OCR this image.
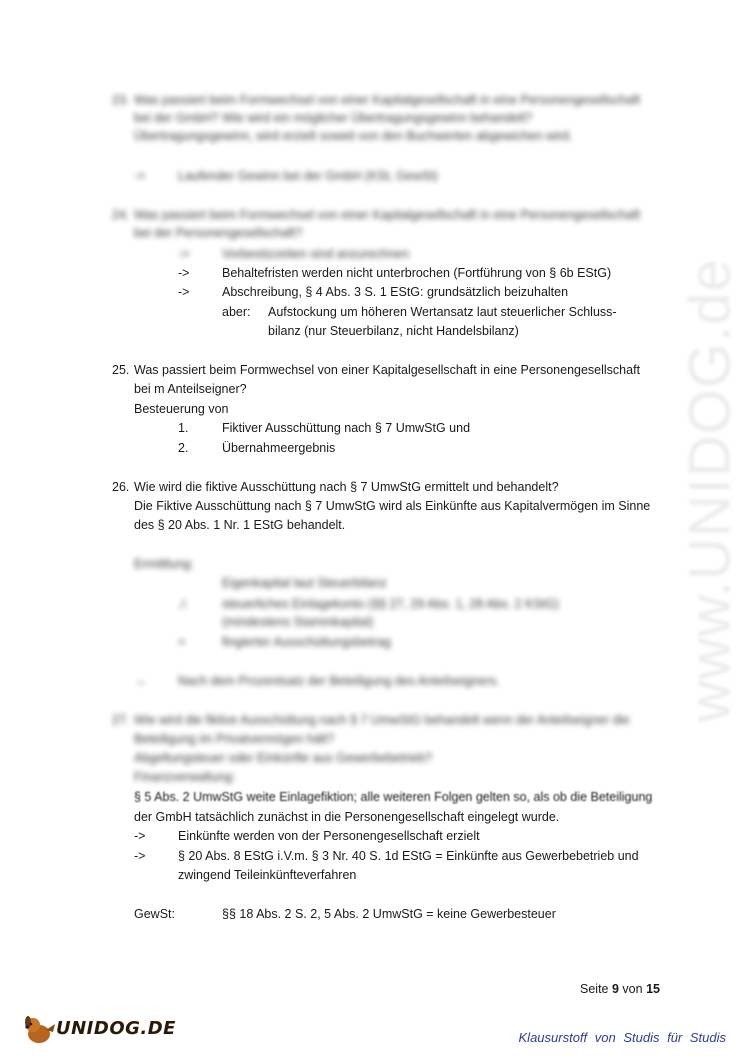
www.UNIDOG.de
23. Was passiert beim Formwechsel von einer Kapitalgesellschaft in eine Personengesellschaft
bei der GmbH? Wie wird ein möglicher Übertragungsgewinn behandelt?
Übertragungsgewinn, wird erzielt soweit von den Buchwerten abgewichen wird.
->	Laufender Gewinn bei der GmbH (KSt, GewSt)
24. Was passiert beim Formwechsel von einer Kapitalgesellschaft in eine Personengesellschaft
bei der Personengesellschaft?
->	Vorbesitzzeiten sind anzurechnen
->	Behaltefristen werden nicht unterbrochen (Fortführung von § 6b EStG)
->	Abschreibung, § 4 Abs. 3 S. 1 EStG: grundsätzlich beizuhalten
aber: Aufstockung um höheren Wertansatz laut steuerlicher Schluss-
bilanz (nur Steuerbilanz, nicht Handelsbilanz)
25. Was passiert beim Formwechsel von einer Kapitalgesellschaft in eine Personengesellschaft
bei m Anteilseigner?
Besteuerung von
1.	Fiktiver Ausschüttung nach § 7 UmwStG und
2.	Übernahmeergebnis
26. Wie wird die fiktive Ausschüttung nach § 7 UmwStG ermittelt und behandelt?
Die Fiktive Ausschüttung nach § 7 UmwStG wird als Einkünfte aus Kapitalvermögen im Sinne
des § 20 Abs. 1 Nr. 1 EStG behandelt.
Ermittlung:
Eigenkapital laut Steuerbilanz
./.	steuerliches Einlagekonto (§§ 27, 29 Abs. 1, 28 Abs. 2 KStG)
(mindestens Stammkapital)
=	fingierter Ausschüttungsbetrag
→	Nach dem Prozentsatz der Beteiligung des Anteilseigners.
27. Wie wird die fiktive Ausschüttung nach § 7 UmwStG behandelt wenn der Anteilseigner die
Beteiligung im Privatvermögen hält?
Abgeltungsteuer oder Einkünfte aus Gewerbebetrieb?
Finanzverwaltung:
§ 5 Abs. 2 UmwStG weite Einlagefiktion; alle weiteren Folgen gelten so, als ob die Beteiligung
der GmbH tatsächlich zunächst in die Personengesellschaft eingelegt wurde.
->	Einkünfte werden von der Personengesellschaft erzielt
->	§ 20 Abs. 8 EStG i.V.m. § 3 Nr. 40 S. 1d EStG = Einkünfte aus Gewerbebetrieb und
zwingend Teileinkünfteverfahren
GewSt:	§§ 18 Abs. 2 S. 2, 5 Abs. 2 UmwStG = keine Gewerbesteuer
Seite 9 von 15
UNIDOG.DE	Klausurstoff von Studis für Studis
